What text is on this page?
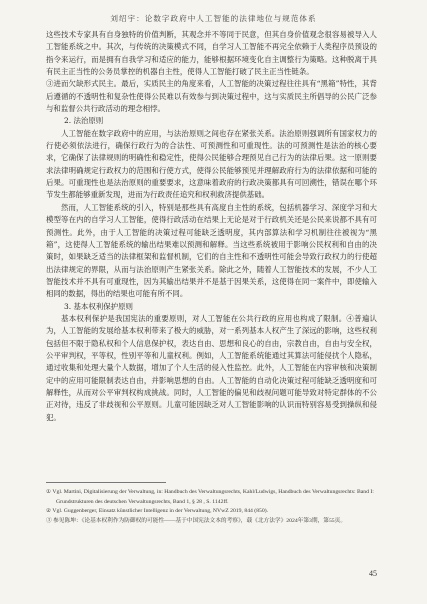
刘绍宇：论数字政府中人工智能的法律地位与规范体系

这些技术专家具有自身独特的价值判断，其观念并不等同于民意，但其自身价值观念很容易被导入人工智能系统之中。其次，与传统的决策模式不同，自学习人工智能不再完全依赖于人类程序员预设的指令来运行，而是拥有自我学习和适应的能力，能够根据环境变化自主调整行为策略。这种脱离于具有民主正当性的公务员掌控的机器自主性，使得人工智能打破了民主正当性链条。

③进而欠缺形式民主。最后，实质民主的角度来看，人工智能的决策过程往往具有“黑箱”特性，其背后遵循的不透明性和复杂性使得公民难以有效参与到决策过程中，这与实质民主所倡导的公民广泛参与和监督公共行政活动的理念相悖。

2. 法治原则

人工智能在数字政府中的应用，与法治原则之间也存在紧张关系。法治原则强调所有国家权力的行使必须依法进行，确保行政行为的合法性、可预测性和可重现性。法的可预测性是法治的核心要求，它确保了法律规则的明确性和稳定性，使得公民能够合理预见自己行为的法律后果。这一原则要求法律明确规定行政权力的范围和行使方式，使得公民能够预见并理解政府行为的法律依据和可能的后果。可重现性也是法治原则的重要要求，这意味着政府的行政决策都具有可回溯性，错误在哪个环节发生都能够重新发现，进而为行政责任追究和权利救济提供基础。

然而，人工智能系统的引入，特别是那些具有高度自主性的系统，包括机器学习、深度学习和大模型等在内的自学习人工智能，使得行政活动在结果上无论是对于行政机关还是公民来说都不具有可预测性。此外，由于人工智能的决策过程可能缺乏透明度，其内部算法和学习机制往往被视为“黑箱”，这使得人工智能系统的输出结果难以预测和解释。当这些系统被用于影响公民权利和自由的决策时，如果缺乏适当的法律框架和监督机制，它们的自主性和不透明性可能会导致行政权力的行使超出法律规定的界限，从而与法治原则产生紧张关系。除此之外，随着人工智能技术的发展，不少人工智能技术并不具有可重现性，因为其输出结果并不是基于因果关系，这使得在同一案件中，即使输入相同的数据，得出的结果也可能有所不同。

3. 基本权利保护原则

基本权利保护是我国宪法的重要原则，对人工智能在公共行政的应用也构成了限制。④普遍认为，人工智能的发展给基本权利带来了极大的威胁，对一系列基本人权产生了深远的影响，这些权利包括但不限于隐私权和个人信息保护权，表达自由、思想和良心的自由，宗教自由，自由与安全权，公平审判权，平等权，性别平等和儿童权利。例如，人工智能系统能通过其算法可能侵扰个人隐私，通过收集和处理大量个人数据，增加了个人生活的侵入性监控。此外，人工智能在内容审核和决策制定中的应用可能限制表达自由，并影响思想的自由。人工智能的自动化决策过程可能缺乏透明度和可解释性，从而对公平审判权构成挑战。同时，人工智能的偏见和歧视问题可能导致对特定群体的不公正对待，违反了非歧视和公平原则。儿童可能因缺乏对人工智能影响的认识而特别容易受到操纵和侵犯。

① Vgl. Martini, Digitalisierung der Verwaltung, in: Handbuch des Verwaltungsrechts, Kahl/Ludwigs, Handbuch des Verwaltungsrechts: Band I: Grundstrukturen des deutschen Verwaltungsrechts, Band 1, § 28 , S. 1142ff.

② Vgl. Guggenberger, Einsatz künstlicher Intelligenz in der Verwaltung, NVwZ 2019, 844 (850).

③ 参见陈坤：《论基本权利作为防御权的可能性——基于中国宪法文本的考察》，载《北方法学》2024年第3期，第55页。

45
